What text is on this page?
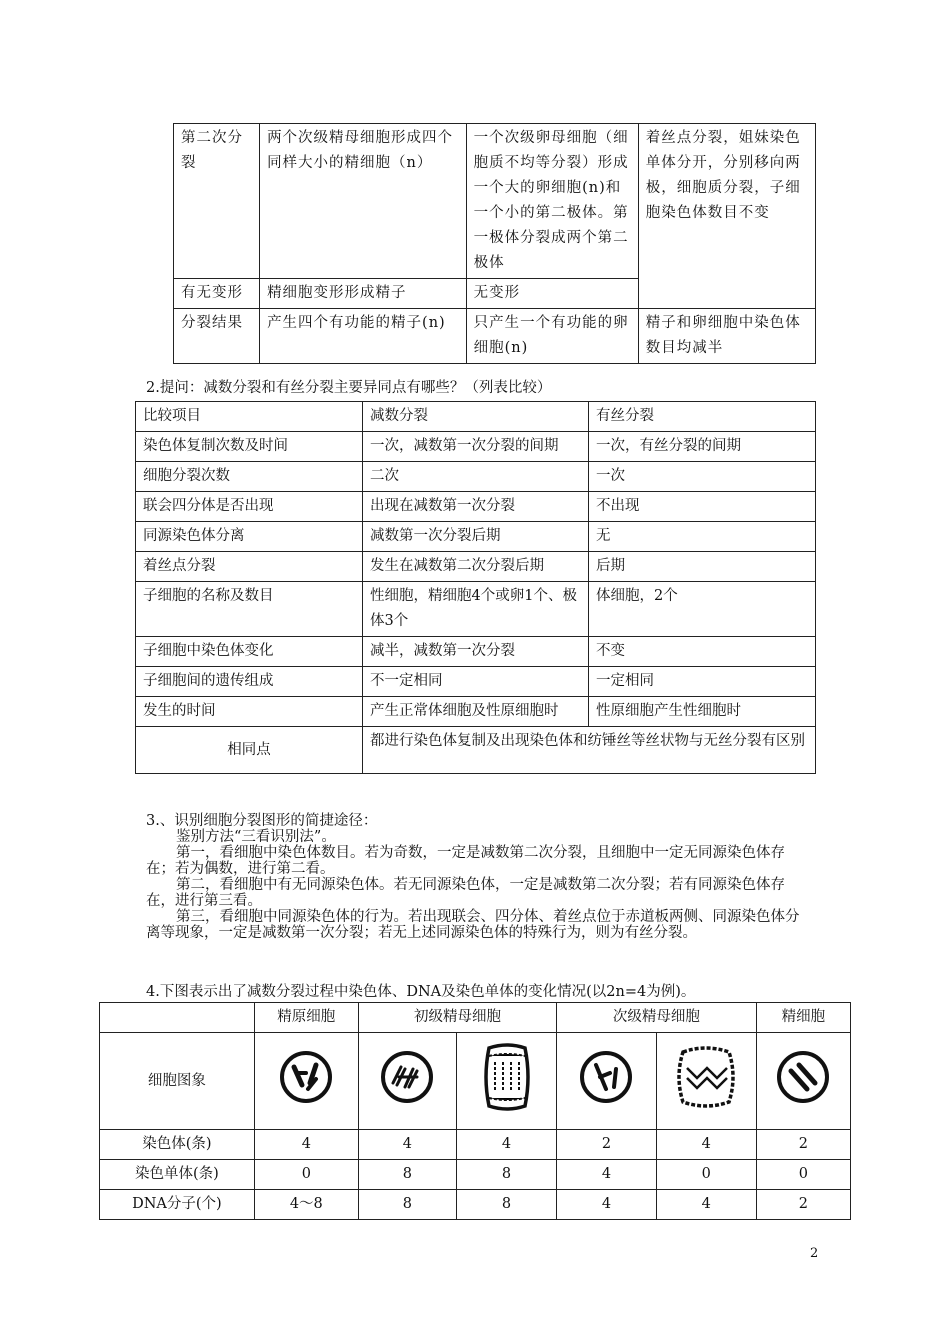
第二次分裂	两个次级精母细胞形成四个同样大小的精细胞（n）	一个次级卵母细胞（细胞质不均等分裂）形成一个大的卵细胞(n)和一个小的第二极体。第一极体分裂成两个第二极体	着丝点分裂，姐妹染色单体分开，分别移向两极，细胞质分裂，子细胞染色体数目不变
有无变形	精细胞变形形成精子	无变形	
分裂结果	产生四个有功能的精子(n)	只产生一个有功能的卵细胞(n)	精子和卵细胞中染色体数目均减半

2.提问：减数分裂和有丝分裂主要异同点有哪些？（列表比较）

比较项目	减数分裂	有丝分裂
染色体复制次数及时间	一次，减数第一次分裂的间期	一次，有丝分裂的间期
细胞分裂次数	二次	一次
联会四分体是否出现	出现在减数第一次分裂	不出现
同源染色体分离	减数第一次分裂后期	无
着丝点分裂	发生在减数第二次分裂后期	后期
子细胞的名称及数目	性细胞，精细胞4个或卵1个、极体3个	体细胞，2个
子细胞中染色体变化	减半，减数第一次分裂	不变
子细胞间的遗传组成	不一定相同	一定相同
发生的时间	产生正常体细胞及性原细胞时	性原细胞产生性细胞时
相同点	都进行染色体复制及出现染色体和纺锤丝等丝状物与无丝分裂有区别	

3.、识别细胞分裂图形的简捷途径：

鉴别方法“三看识别法”。

第一，看细胞中染色体数目。若为奇数，一定是减数第二次分裂，且细胞中一定无同源染色体存在；若为偶数，进行第二看。

第二，看细胞中有无同源染色体。若无同源染色体，一定是减数第二次分裂；若有同源染色体存在，进行第三看。

第三，看细胞中同源染色体的行为。若出现联会、四分体、着丝点位于赤道板两侧、同源染色体分离等现象，一定是减数第一次分裂；若无上述同源染色体的特殊行为，则为有丝分裂。

4.下图表示出了减数分裂过程中染色体、DNA及染色单体的变化情况(以2n=4为例)。

	精原细胞	初级精母细胞		次级精母细胞		精细胞
细胞图象						
染色体(条)	4	4	4	2	4	2
染色单体(条)	0	8	8	4	0	0
DNA分子(个)	4～8	8	8	4	4	2
2
